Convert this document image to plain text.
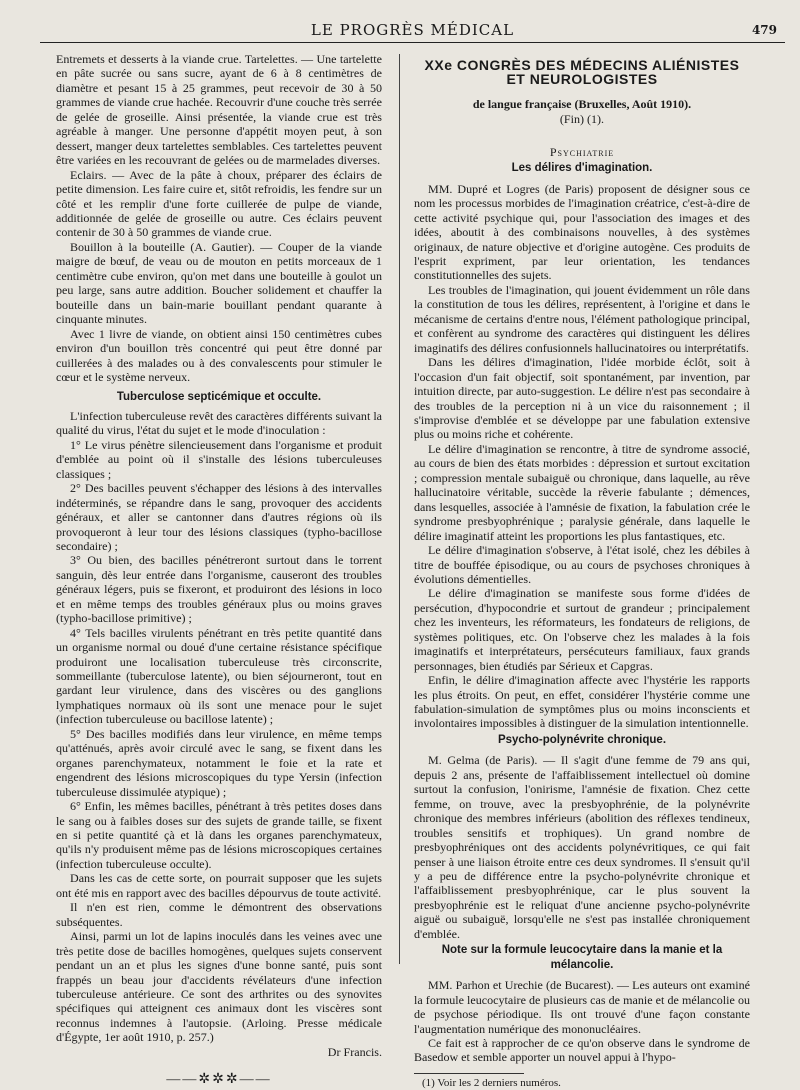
LE PROGRÈS MÉDICAL	479

Entremets et desserts à la viande crue. Tartelettes. — Une tartelette en pâte sucrée ou sans sucre, ayant de 6 à 8 centimètres de diamètre et pesant 15 à 25 grammes, peut recevoir de 30 à 50 grammes de viande crue hachée. Recouvrir d'une couche très serrée de gelée de groseille. Ainsi présentée, la viande crue est très agréable à manger. Une personne d'appétit moyen peut, à son dessert, manger deux tartelettes semblables. Ces tartelettes peuvent être variées en les recouvrant de gelées ou de marmelades diverses.

Eclairs. — Avec de la pâte à choux, préparer des éclairs de petite dimension. Les faire cuire et, sitôt refroidis, les fendre sur un côté et les remplir d'une forte cuillerée de pulpe de viande, additionnée de gelée de groseille ou autre. Ces éclairs peuvent contenir de 30 à 50 grammes de viande crue.

Bouillon à la bouteille (A. Gautier). — Couper de la viande maigre de bœuf, de veau ou de mouton en petits morceaux de 1 centimètre cube environ, qu'on met dans une bouteille à goulot un peu large, sans autre addition. Boucher solidement et chauffer la bouteille dans un bain-marie bouillant pendant quarante à cinquante minutes.

Avec 1 livre de viande, on obtient ainsi 150 centimètres cubes environ d'un bouillon très concentré qui peut être donné par cuillerées à des malades ou à des convalescents pour stimuler le cœur et le système nerveux.

Tuberculose septicémique et occulte.

L'infection tuberculeuse revêt des caractères différents suivant la qualité du virus, l'état du sujet et le mode d'inoculation :

1° Le virus pénètre silencieusement dans l'organisme et produit d'emblée au point où il s'installe des lésions tuberculeuses classiques ;

2° Des bacilles peuvent s'échapper des lésions à des intervalles indéterminés, se répandre dans le sang, provoquer des accidents généraux, et aller se cantonner dans d'autres régions où ils provoqueront à leur tour des lésions classiques (typho-bacillose secondaire) ;

3° Ou bien, des bacilles pénétreront surtout dans le torrent sanguin, dès leur entrée dans l'organisme, causeront des troubles généraux légers, puis se fixeront, et produiront des lésions in loco et en même temps des troubles généraux plus ou moins graves (typho-bacillose primitive) ;

4° Tels bacilles virulents pénétrant en très petite quantité dans un organisme normal ou doué d'une certaine résistance spécifique produiront une localisation tuberculeuse très circonscrite, sommeillante (tuberculose latente), ou bien séjourneront, tout en gardant leur virulence, dans des viscères ou des ganglions lymphatiques normaux où ils sont une menace pour le sujet (infection tuberculeuse ou bacillose latente) ;

5° Des bacilles modifiés dans leur virulence, en même temps qu'atténués, après avoir circulé avec le sang, se fixent dans les organes parenchymateux, notamment le foie et la rate et engendrent des lésions microscopiques du type Yersin (infection tuberculeuse dissimulée atypique) ;

6° Enfin, les mêmes bacilles, pénétrant à très petites doses dans le sang ou à faibles doses sur des sujets de grande taille, se fixent en si petite quantité çà et là dans les organes parenchymateux, qu'ils n'y produisent même pas de lésions microscopiques certaines (infection tuberculeuse occulte).

Dans les cas de cette sorte, on pourrait supposer que les sujets ont été mis en rapport avec des bacilles dépourvus de toute activité.

Il n'en est rien, comme le démontrent des observations subséquentes.

Ainsi, parmi un lot de lapins inoculés dans les veines avec une très petite dose de bacilles homogènes, quelques sujets conservent pendant un an et plus les signes d'une bonne santé, puis sont frappés un beau jour d'accidents révélateurs d'une infection tuberculeuse antérieure. Ce sont des arthrites ou des synovites spécifiques qui atteignent ces animaux dont les viscères sont reconnus indemnes à l'autopsie. (Arloing. Presse médicale d'Égypte, 1er août 1910, p. 257.)

Dr Francis.
——✲✲✲——
XXe CONGRÈS DES MÉDECINS ALIÉNISTES ET NEUROLOGISTES
de langue française (Bruxelles, Août 1910).
(Fin) (1).
Psychiatrie
Les délires d'imagination.

MM. Dupré et Logres (de Paris) proposent de désigner sous ce nom les processus morbides de l'imagination créatrice, c'est-à-dire de cette activité psychique qui, pour l'association des images et des idées, aboutit à des combinaisons nouvelles, à des systèmes originaux, de nature objective et d'origine autogène. Ces produits de l'esprit expriment, par leur orientation, les tendances constitutionnelles des sujets.

Les troubles de l'imagination, qui jouent évidemment un rôle dans la constitution de tous les délires, représentent, à l'origine et dans le mécanisme de certains d'entre nous, l'élément pathologique principal, et confèrent au syndrome des caractères qui distinguent les délires imaginatifs des délires confusionnels hallucinatoires ou interprétatifs.

Dans les délires d'imagination, l'idée morbide éclôt, soit à l'occasion d'un fait objectif, soit spontanément, par invention, par intuition directe, par auto-suggestion. Le délire n'est pas secondaire à des troubles de la perception ni à un vice du raisonnement ; il s'improvise d'emblée et se développe par une fabulation extensive plus ou moins riche et cohérente.

Le délire d'imagination se rencontre, à titre de syndrome associé, au cours de bien des états morbides : dépression et surtout excitation ; compression mentale subaiguë ou chronique, dans laquelle, au rêve hallucinatoire véritable, succède la rêverie fabulante ; démences, dans lesquelles, associée à l'amnésie de fixation, la fabulation crée le syndrome presbyophrénique ; paralysie générale, dans laquelle le délire imaginatif atteint les proportions les plus fantastiques, etc.

Le délire d'imagination s'observe, à l'état isolé, chez les débiles à titre de bouffée épisodique, ou au cours de psychoses chroniques à évolutions démentielles.

Le délire d'imagination se manifeste sous forme d'idées de persécution, d'hypocondrie et surtout de grandeur ; principalement chez les inventeurs, les réformateurs, les fondateurs de religions, de systèmes politiques, etc. On l'observe chez les malades à la fois imaginatifs et interprétateurs, persécuteurs familiaux, faux grands personnages, bien étudiés par Sérieux et Capgras.

Enfin, le délire d'imagination affecte avec l'hystérie les rapports les plus étroits. On peut, en effet, considérer l'hystérie comme une fabulation-simulation de symptômes plus ou moins inconscients et involontaires impossibles à distinguer de la simulation intentionnelle.

Psycho-polynévrite chronique.

M. Gelma (de Paris). — Il s'agit d'une femme de 79 ans qui, depuis 2 ans, présente de l'affaiblissement intellectuel où domine surtout la confusion, l'onirisme, l'amnésie de fixation. Chez cette femme, on trouve, avec la presbyophrénie, de la polynévrite chronique des membres inférieurs (abolition des réflexes tendineux, troubles sensitifs et trophiques). Un grand nombre de presbyophréniques ont des accidents polynévritiques, ce qui fait penser à une liaison étroite entre ces deux syndromes. Il s'ensuit qu'il y a peu de différence entre la psycho-polynévrite chronique et l'affaiblissement presbyophrénique, car le plus souvent la presbyophrénie est le reliquat d'une ancienne psycho-polynévrite aiguë ou subaiguë, lorsqu'elle ne s'est pas installée chroniquement d'emblée.

Note sur la formule leucocytaire dans la manie et la mélancolie.

MM. Parhon et Urechie (de Bucarest). — Les auteurs ont examiné la formule leucocytaire de plusieurs cas de manie et de mélancolie ou de psychose périodique. Ils ont trouvé d'une façon constante l'augmentation numérique des mononucléaires.

Ce fait est à rapprocher de ce qu'on observe dans le syndrome de Basedow et semble apporter un nouvel appui à l'hypo-

(1) Voir les 2 derniers numéros.
